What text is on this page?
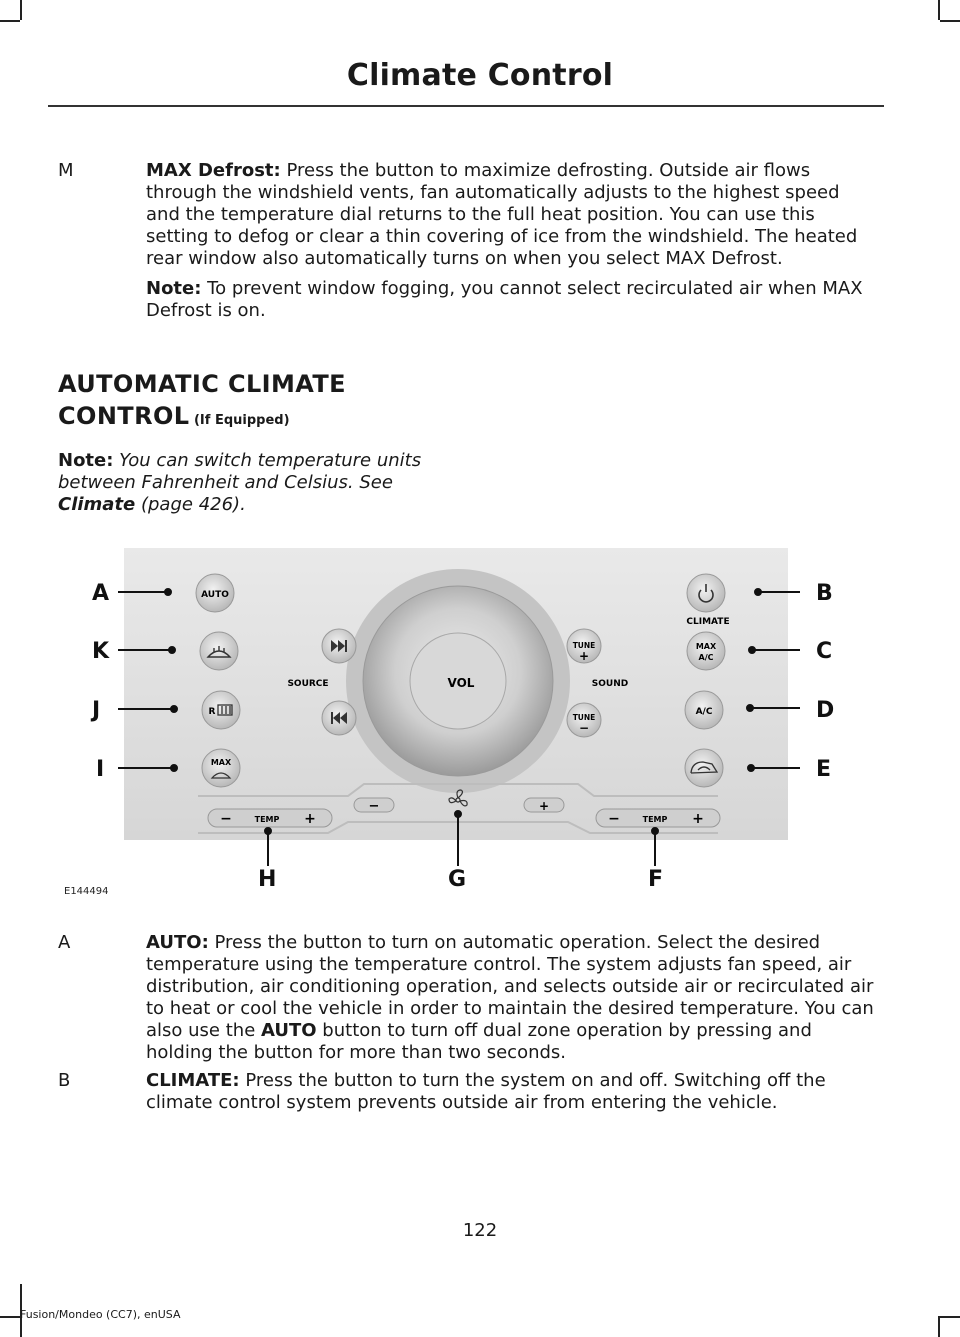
Climate Control
M	MAX Defrost: Press the button to maximize defrosting. Outside air flows through the windshield vents, fan automatically adjusts to the highest speed and the temperature dial returns to the full heat position. You can use this setting to defog or clear a thin covering of ice from the windshield. The heated rear window also automatically turns on when you select MAX Defrost.

Note: To prevent window fogging, you cannot select recirculated air when MAX Defrost is on.

AUTOMATIC CLIMATE
CONTROL (If Equipped)
Note: You can switch temperature units between Fahrenheit and Celsius. See Climate (page 426).
VOL
AUTO
R
MAX
CLIMATE
MAX
A/C
A/C
SOURCE
TUNE
+
SOUND
TUNE
−
−	TEMP +
−	+
−	TEMP +
A	B
C
D
E
F
G
H
I
J
K
E144494
A	AUTO: Press the button to turn on automatic operation. Select the desired temperature using the temperature control. The system adjusts fan speed, air distribution, air conditioning operation, and selects outside air or recirculated air to heat or cool the vehicle in order to maintain the desired temperature. You can also use the AUTO button to turn off dual zone operation by pressing and holding the button for more than two seconds.

B	CLIMATE: Press the button to turn the system on and off. Switching off the climate control system prevents outside air from entering the vehicle.

122
Fusion/Mondeo (CC7), enUSA
